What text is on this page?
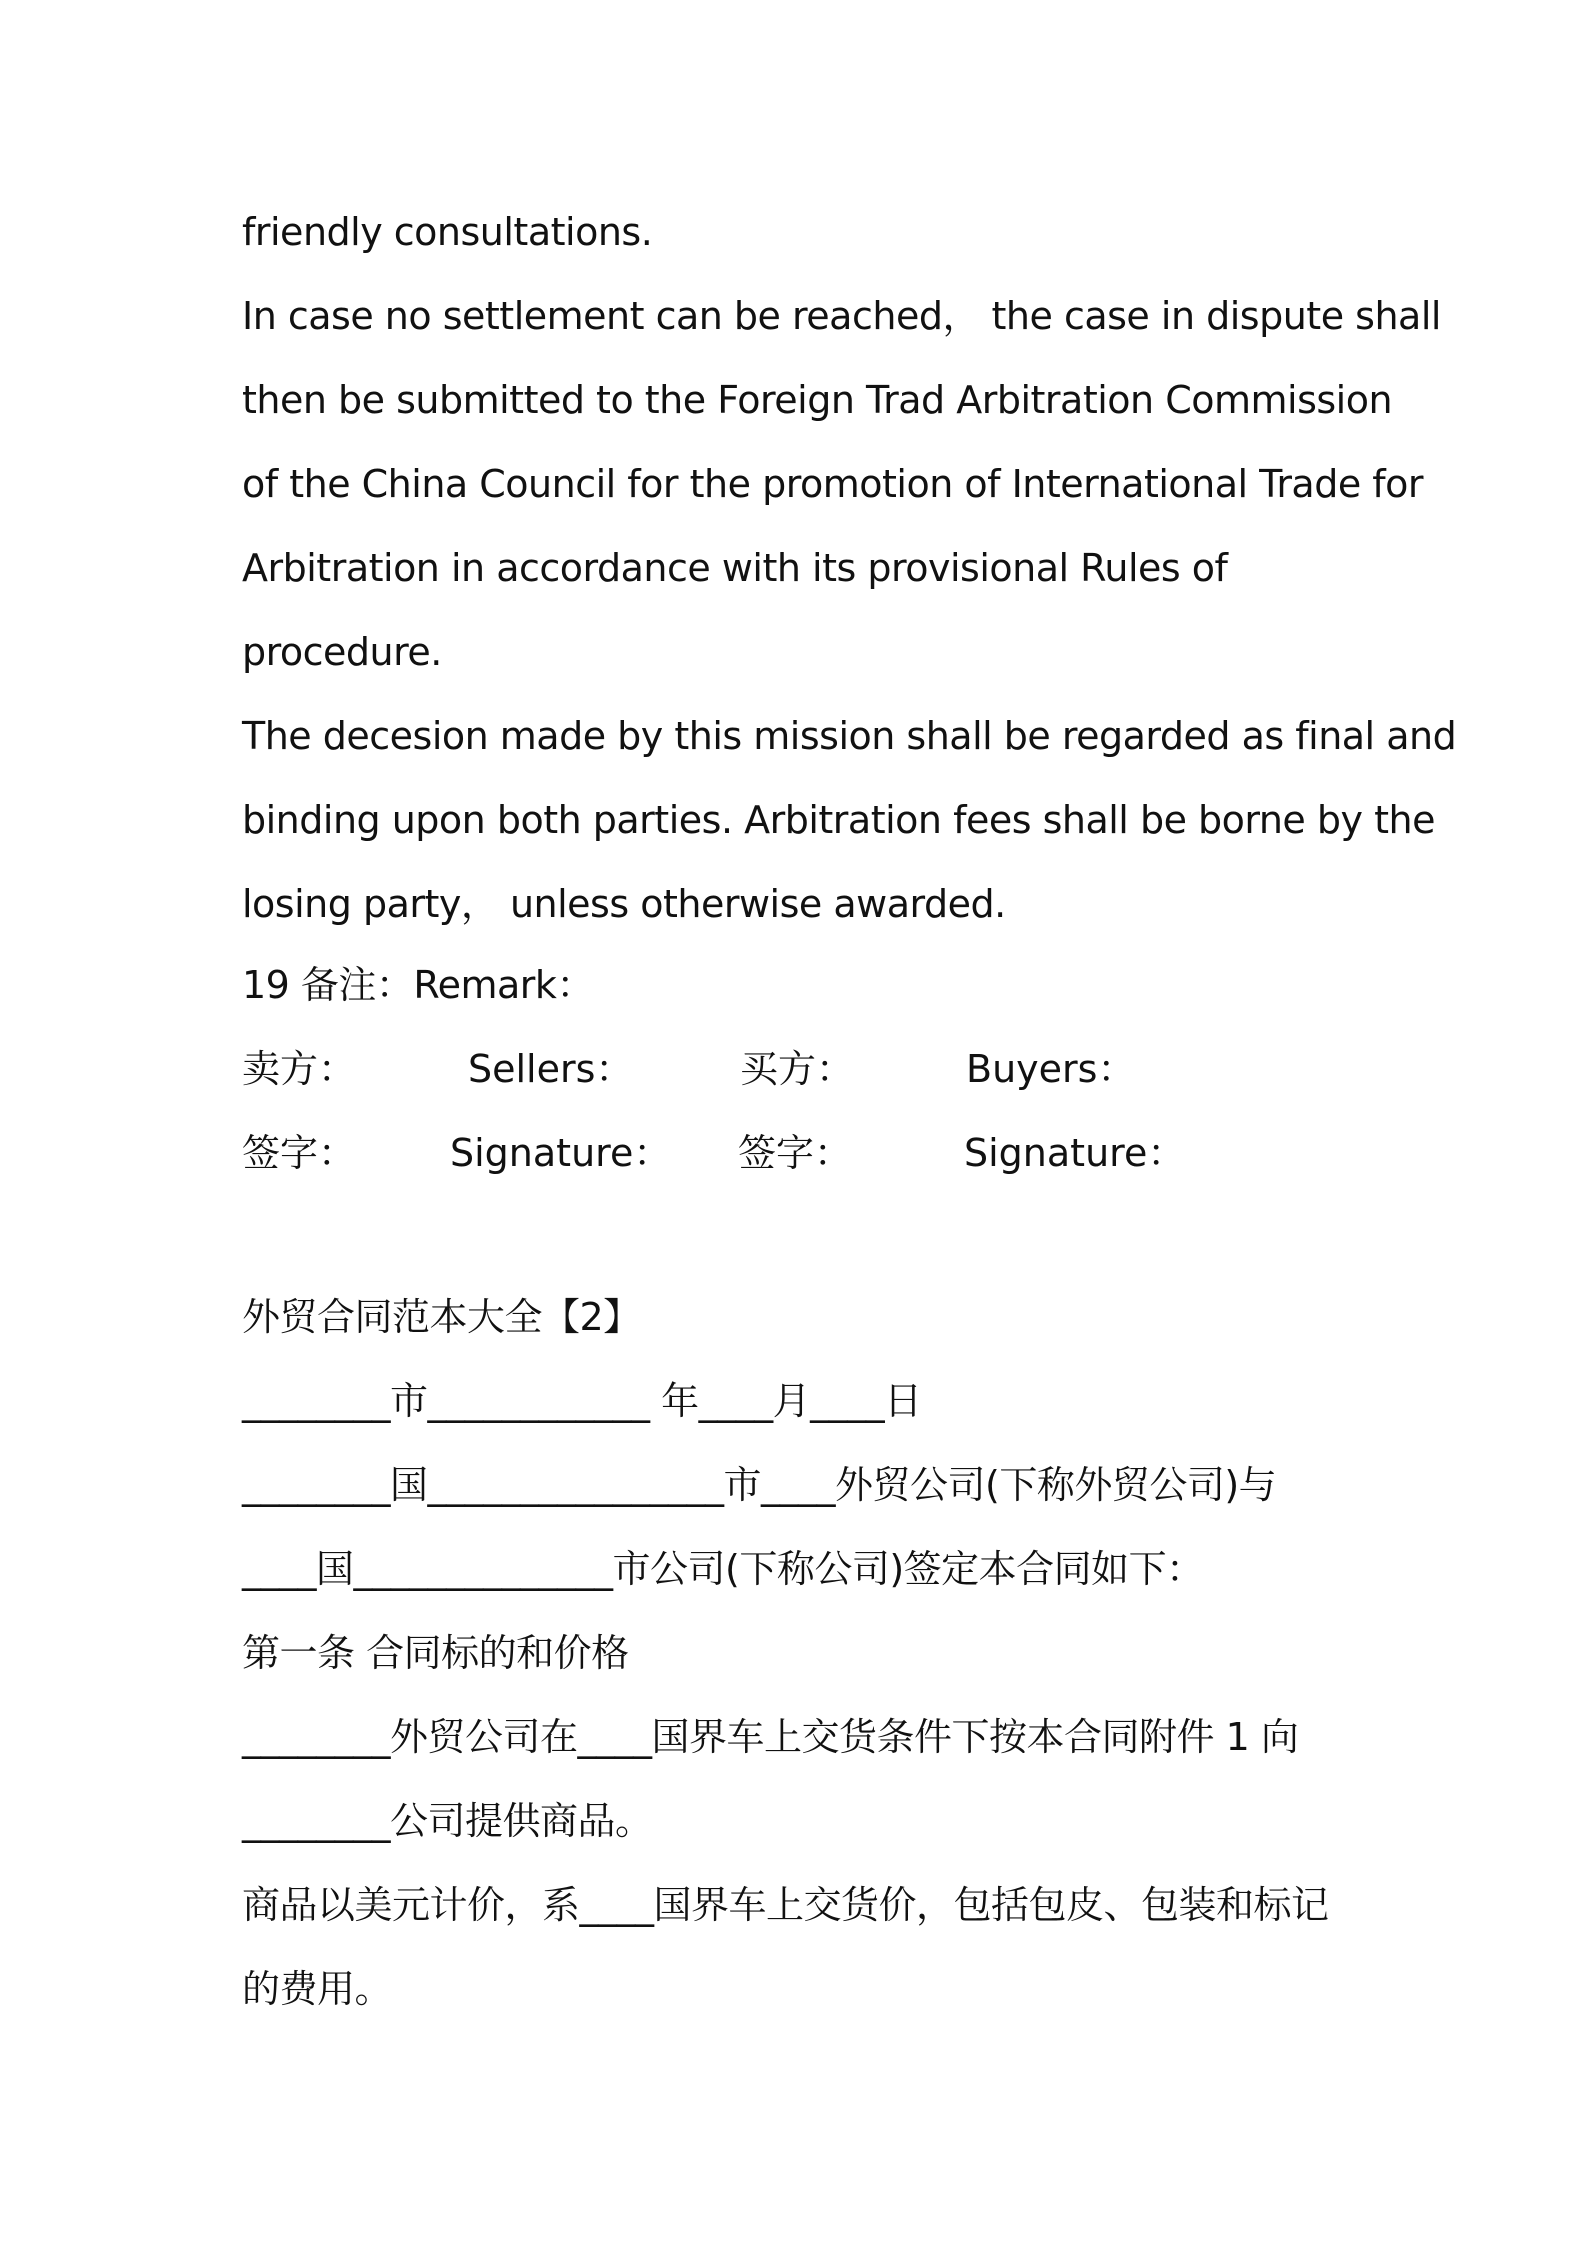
friendly consultations.
In case no settlement can be reached， the case in dispute shall
then be submitted to the Foreign Trad Arbitration Commission
of the China Council for the promotion of International Trade for
Arbitration in accordance with its provisional Rules of
procedure.
The decesion made by this mission shall be regarded as final and
binding upon both parties. Arbitration fees shall be borne by the
losing party， unless otherwise awarded.
19 备注：Remark：
卖方：	Sellers：	买方：	Buyers：
签字： Signature： 签字：	Signature：
外贸合同范本大全【2】
________市____________ 年____月____日
________国________________市____外贸公司(下称外贸公司)与
____国______________市公司(下称公司)签定本合同如下：
第一条 合同标的和价格
________外贸公司在____国界车上交货条件下按本合同附件 1 向
________公司提供商品。
商品以美元计价，系____国界车上交货价，包括包皮、包装和标记
的费用。
